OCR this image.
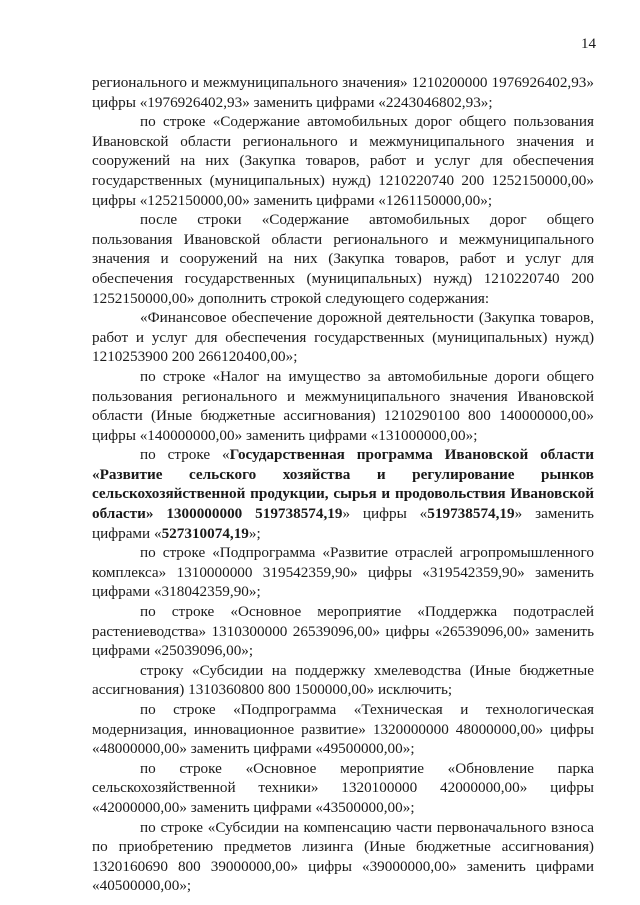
14

регионального и межмуниципального значения» 1210200000 1976926402,93» цифры «1976926402,93» заменить цифрами «2243046802,93»;

по строке «Содержание автомобильных дорог общего пользования Ивановской области регионального и межмуниципального значения и сооружений на них (Закупка товаров, работ и услуг для обеспечения государственных (муниципальных) нужд) 1210220740 200 1252150000,00» цифры «1252150000,00» заменить цифрами «1261150000,00»;

после строки «Содержание автомобильных дорог общего пользования Ивановской области регионального и межмуниципального значения и сооружений на них (Закупка товаров, работ и услуг для обеспечения государственных (муниципальных) нужд) 1210220740 200 1252150000,00» дополнить строкой следующего содержания:

«Финансовое обеспечение дорожной деятельности (Закупка товаров, работ и услуг для обеспечения государственных (муниципальных) нужд) 1210253900 200 266120400,00»;

по строке «Налог на имущество за автомобильные дороги общего пользования регионального и межмуниципального значения Ивановской области (Иные бюджетные ассигнования) 1210290100 800 140000000,00» цифры «140000000,00» заменить цифрами «131000000,00»;

по строке «Государственная программа Ивановской области «Развитие сельского хозяйства и регулирование рынков сельскохозяйственной продукции, сырья и продовольствия Ивановской области» 1300000000 519738574,19» цифры «519738574,19» заменить цифрами «527310074,19»;

по строке «Подпрограмма «Развитие отраслей агропромышленного комплекса» 1310000000 319542359,90» цифры «319542359,90» заменить цифрами «318042359,90»;

по строке «Основное мероприятие «Поддержка подотраслей растениеводства» 1310300000 26539096,00» цифры «26539096,00» заменить цифрами «25039096,00»;

строку «Субсидии на поддержку хмелеводства (Иные бюджетные ассигнования) 1310360800 800 1500000,00» исключить;

по строке «Подпрограмма «Техническая и технологическая модернизация, инновационное развитие» 1320000000 48000000,00» цифры «48000000,00» заменить цифрами «49500000,00»;

по строке «Основное мероприятие «Обновление парка сельскохозяйственной техники» 1320100000 42000000,00» цифры «42000000,00» заменить цифрами «43500000,00»;

по строке «Субсидии на компенсацию части первоначального взноса по приобретению предметов лизинга (Иные бюджетные ассигнования) 1320160690 800 39000000,00» цифры «39000000,00» заменить цифрами «40500000,00»;
